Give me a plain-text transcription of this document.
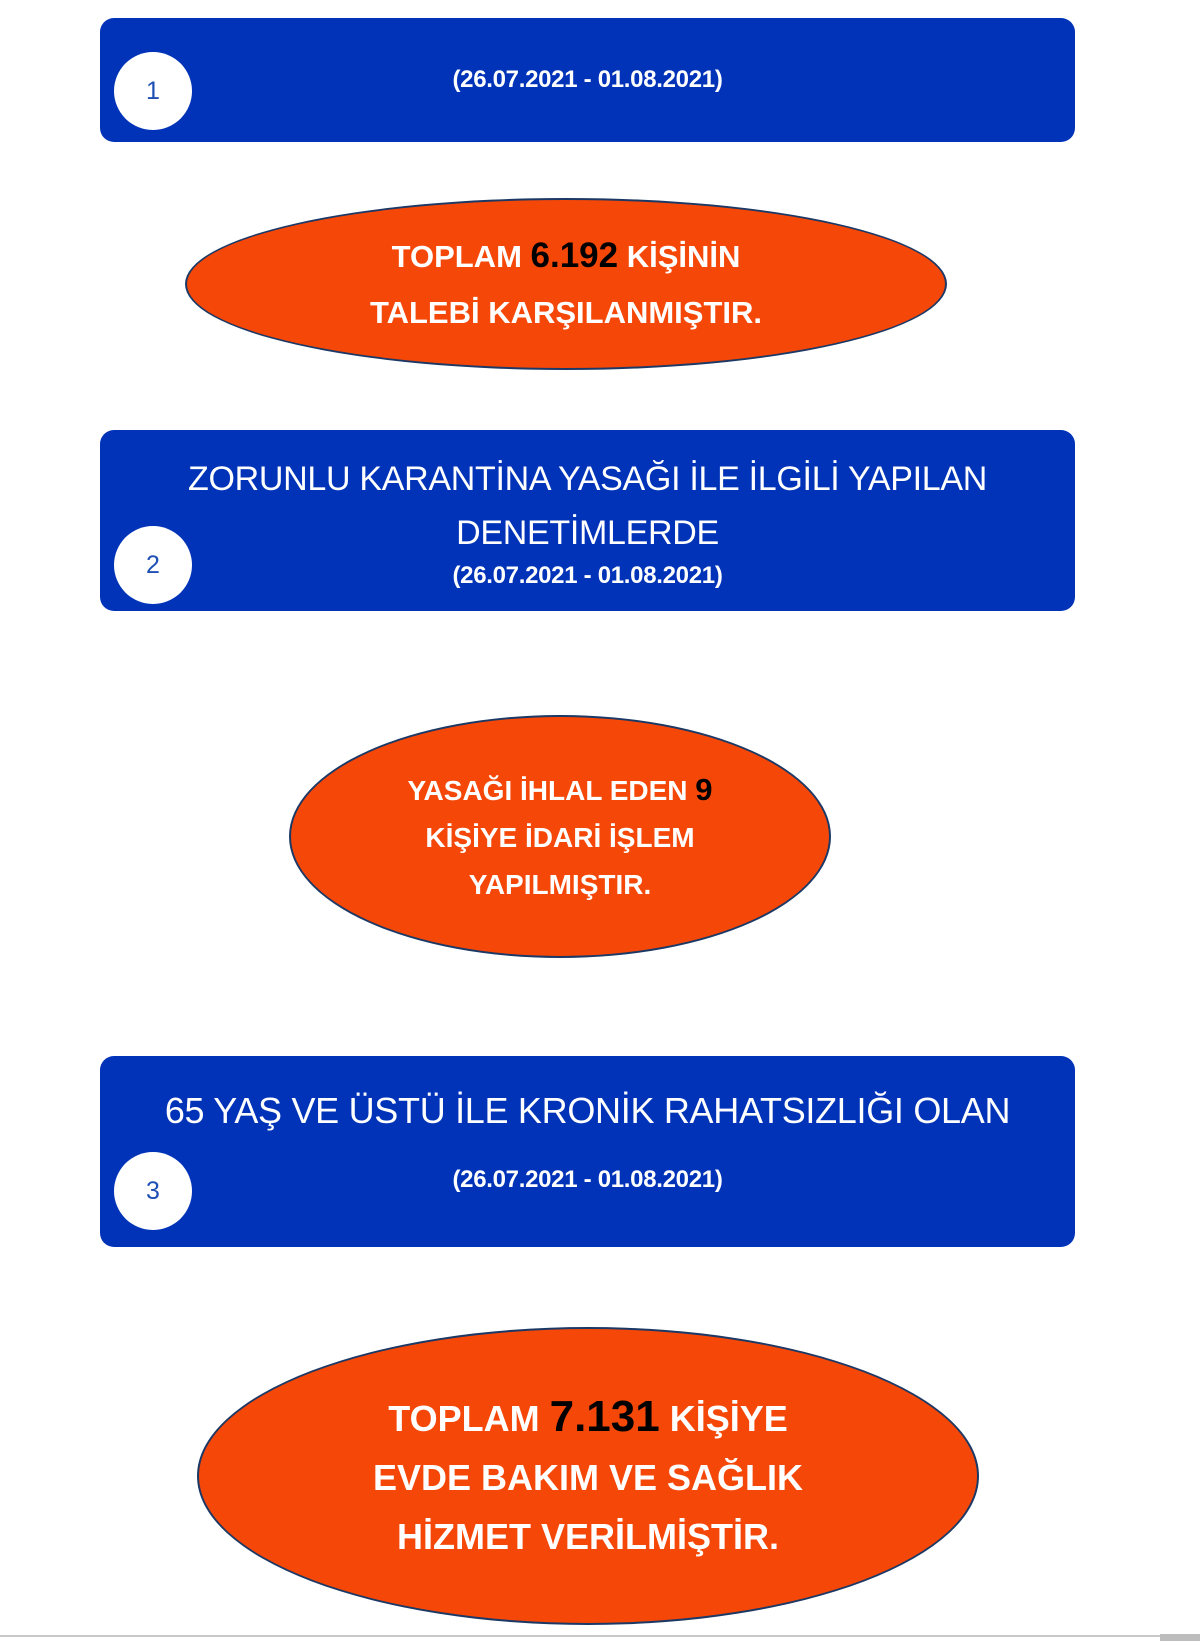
1	(26.07.2021 - 01.08.2021)
TOPLAM 6.192 KİŞİNİN
TALEBİ KARŞILANMIŞTIR.
ZORUNLU KARANTİNA YASAĞI İLE İLGİLİ YAPILAN
DENETİMLERDE
2	(26.07.2021 - 01.08.2021)
YASAĞI İHLAL EDEN 9
KİŞİYE İDARİ İŞLEM
YAPILMIŞTIR.
65 YAŞ VE ÜSTÜ İLE KRONİK RAHATSIZLIĞI OLAN
3	(26.07.2021 - 01.08.2021)
TOPLAM 7.131 KİŞİYE
EVDE BAKIM VE SAĞLIK
HİZMET VERİLMİŞTİR.
